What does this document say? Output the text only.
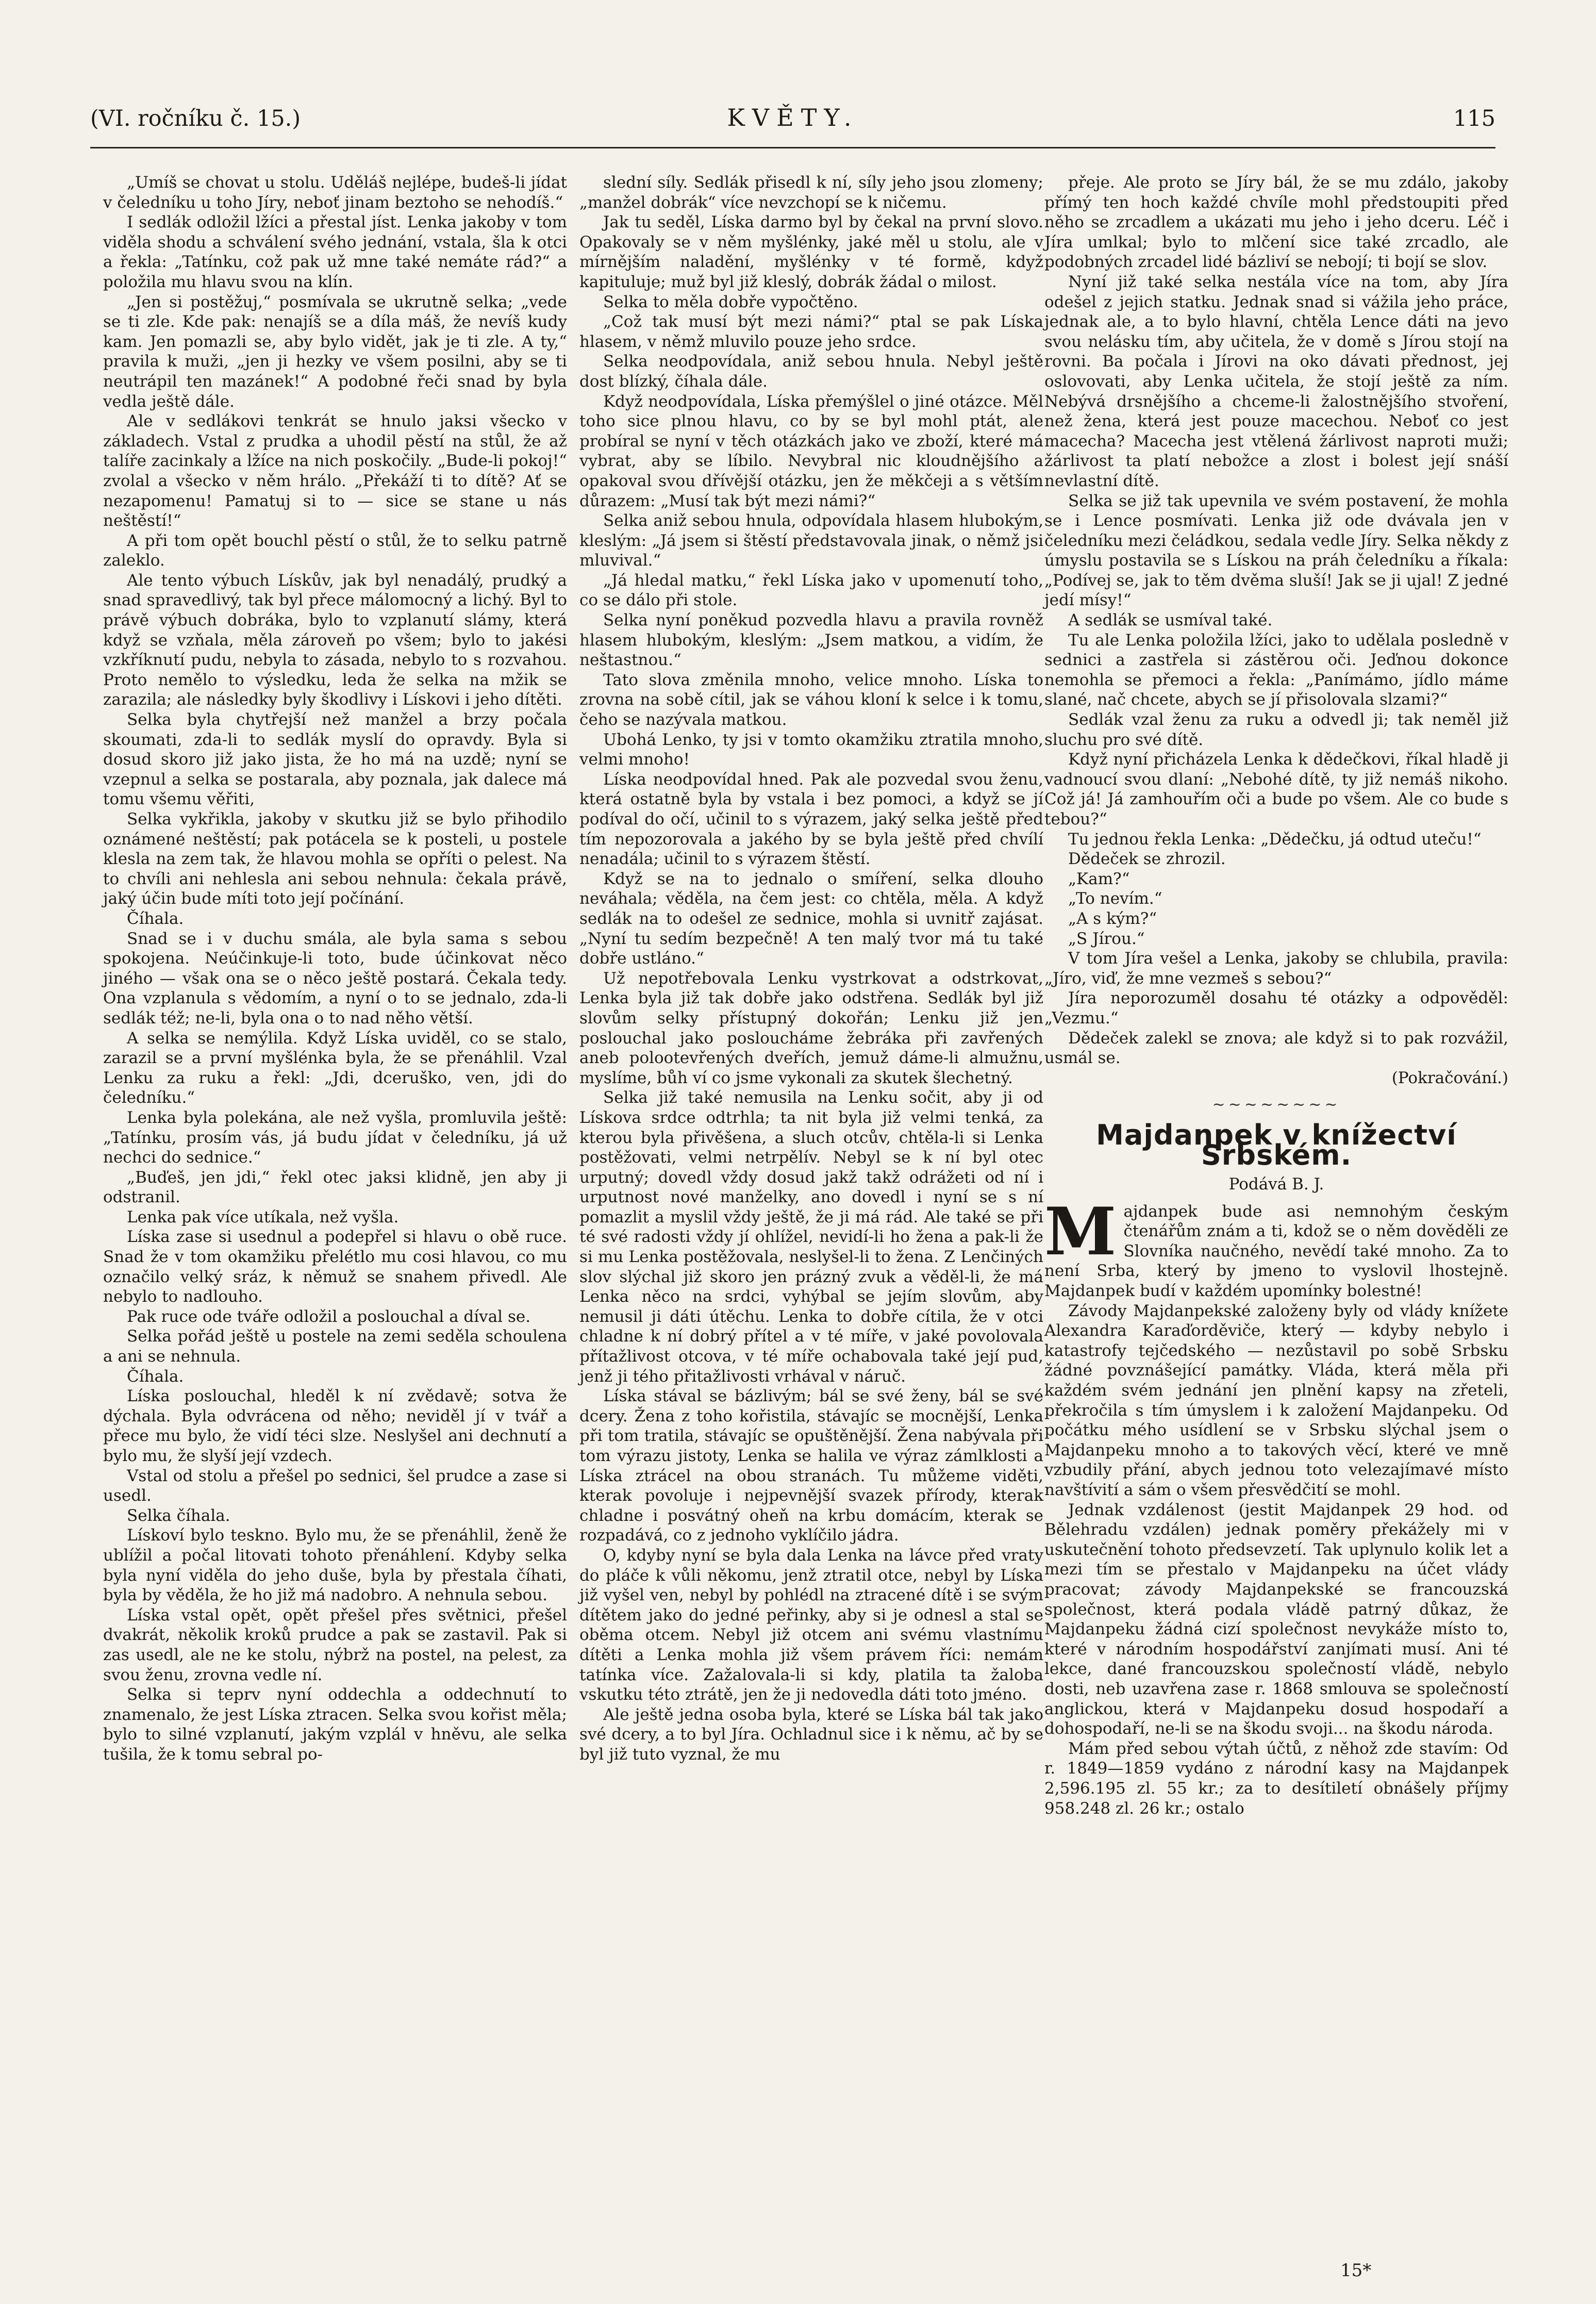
(VI. ročníku č. 15.)	KVĚTY.	115

„Umíš se chovat u stolu. Uděláš nejlépe, budeš-li jídat v čeledníku u toho Jíry, neboť jinam beztoho se nehodíš.“

I sedlák odložil lžíci a přestal jíst. Lenka jakoby v tom viděla shodu a schválení svého jednání, vstala, šla k otci a řekla: „Tatínku, což pak už mne také nemáte rád?“ a položila mu hlavu svou na klín.

„Jen si postěžuj,“ posmívala se ukrutně selka; „vede se ti zle. Kde pak: nenajíš se a díla máš, že nevíš kudy kam. Jen pomazli se, aby bylo vidět, jak je ti zle. A ty,“ pravila k muži, „jen ji hezky ve všem posilni, aby se ti neutrápil ten mazánek!“ A podobné řeči snad by byla vedla ještě dále.

Ale v sedlákovi tenkrát se hnulo jaksi všecko v základech. Vstal z prudka a uhodil pěstí na stůl, že až talíře zacinkaly a lžíce na nich poskočily. „Bude-li pokoj!“ zvolal a všecko v něm hrálo. „Překáží ti to dítě? Ať se nezapomenu! Pamatuj si to — sice se stane u nás neštěstí!“

A při tom opět bouchl pěstí o stůl, že to selku patrně zaleklo.

Ale tento výbuch Lískův, jak byl nenadálý, prudký a snad spravedlivý, tak byl přece málomocný a lichý. Byl to právě výbuch dobráka, bylo to vzplanutí slámy, která když se vzňala, měla zároveň po všem; bylo to jakési vzkříknutí pudu, nebyla to zásada, nebylo to s rozvahou. Proto nemělo to výsledku, leda že selka na mžik se zarazila; ale následky byly škodlivy i Lískovi i jeho dítěti.

Selka byla chytřejší než manžel a brzy počala skoumati, zda-li to sedlák myslí do opravdy. Byla si dosud skoro již jako jista, že ho má na uzdě; nyní se vzepnul a selka se postarala, aby poznala, jak dalece má tomu všemu věřiti,

Selka vykřikla, jakoby v skutku již se bylo přihodilo oznámené neštěstí; pak potácela se k posteli, u postele klesla na zem tak, že hlavou mohla se opříti o pelest. Na to chvíli ani nehlesla ani sebou nehnula: čekala právě, jaký účin bude míti toto její počínání.

Číhala.

Snad se i v duchu smála, ale byla sama s sebou spokojena. Neúčinkuje-li toto, bude účinkovat něco jiného — však ona se o něco ještě postará. Čekala tedy. Ona vzplanula s vědomím, a nyní o to se jednalo, zda-li sedlák též; ne-li, byla ona o to nad něho větší.

A selka se nemýlila. Když Líska uviděl, co se stalo, zarazil se a první myšlénka byla, že se přenáhlil. Vzal Lenku za ruku a řekl: „Jdi, dceruško, ven, jdi do čeledníku.“

Lenka byla polekána, ale než vyšla, promluvila ještě: „Tatínku, prosím vás, já budu jídat v čeledníku, já už nechci do sednice.“

„Buďeš, jen jdi,“ řekl otec jaksi klidně, jen aby ji odstranil.

Lenka pak více utíkala, než vyšla.

Líska zase si usednul a podepřel si hlavu o obě ruce. Snad že v tom okamžiku přelétlo mu cosi hlavou, co mu označilo velký sráz, k němuž se snahem přivedl. Ale nebylo to nadlouho.

Pak ruce ode tváře odložil a poslouchal a díval se.

Selka pořád ještě u postele na zemi seděla schoulena a ani se nehnula.

Číhala.

Líska poslouchal, hleděl k ní zvědavě; sotva že dýchala. Byla odvrácena od něho; neviděl jí v tvář a přece mu bylo, že vidí téci slze. Neslyšel ani dechnutí a bylo mu, že slyší její vzdech.

Vstal od stolu a přešel po sednici, šel prudce a zase si usedl.

Selka číhala.

Lískoví bylo teskno. Bylo mu, že se přenáhlil, ženě že ublížil a počal litovati tohoto přenáhlení. Kdyby selka byla nyní viděla do jeho duše, byla by přestala číhati, byla by věděla, že ho již má nadobro. A nehnula sebou.

Líska vstal opět, opět přešel přes světnici, přešel dvakrát, několik kroků prudce a pak se zastavil. Pak si zas usedl, ale ne ke stolu, nýbrž na postel, na pelest, za svou ženu, zrovna vedle ní.

Selka si teprv nyní oddechla a oddechnutí to znamenalo, že jest Líska ztracen. Selka svou kořist měla; bylo to silné vzplanutí, jakým vzplál v hněvu, ale selka tušila, že k tomu sebral po-

slední síly. Sedlák přisedl k ní, síly jeho jsou zlomeny; „manžel dobrák“ více nevzchopí se k ničemu.

Jak tu seděl, Líska darmo byl by čekal na první slovo. Opakovaly se v něm myšlénky, jaké měl u stolu, ale v mírnějším naladění, myšlénky v té formě, když kapituluje; muž byl již kleslý, dobrák žádal o milost.

Selka to měla dobře vypočtěno.

„Což tak musí být mezi námi?“ ptal se pak Líska hlasem, v němž mluvilo pouze jeho srdce.

Selka neodpovídala, aniž sebou hnula. Nebyl ještě dost blízký, číhala dále.

Když neodpovídala, Líska přemýšlel o jiné otázce. Měl toho sice plnou hlavu, co by se byl mohl ptát, ale probíral se nyní v těch otázkách jako ve zboží, které má vybrat, aby se líbilo. Nevybral nic kloudnějšího a opakoval svou dřívější otázku, jen že měkčeji a s větším důrazem: „Musí tak být mezi námi?“

Selka aniž sebou hnula, odpovídala hlasem hlubokým, kleslým: „Já jsem si štěstí představovala jinak, o němž jsi mluvival.“

„Já hledal matku,“ řekl Líska jako v upomenutí toho, co se dálo při stole.

Selka nyní poněkud pozvedla hlavu a pravila rovněž hlasem hlubokým, kleslým: „Jsem matkou, a vidím, že neštastnou.“

Tato slova změnila mnoho, velice mnoho. Líska to zrovna na sobě cítil, jak se váhou kloní k selce i k tomu, čeho se nazývala matkou.

Ubohá Lenko, ty jsi v tomto okamžiku ztratila mnoho, velmi mnoho!

Líska neodpovídal hned. Pak ale pozvedal svou ženu, která ostatně byla by vstala i bez pomoci, a když se jí podíval do očí, učinil to s výrazem, jaký selka ještě před tím nepozorovala a jakého by se byla ještě před chvílí nenadála; učinil to s výrazem štěstí.

Když se na to jednalo o smíření, selka dlouho neváhala; věděla, na čem jest: co chtěla, měla. A když sedlák na to odešel ze sednice, mohla si uvnitř zajásat. „Nyní tu sedím bezpečně! A ten malý tvor má tu také dobře ustláno.“

Už nepotřebovala Lenku vystrkovat a odstrkovat, Lenka byla již tak dobře jako odstřena. Sedlák byl již slovům selky přístupný dokořán; Lenku již jen poslouchal jako posloucháme žebráka při zavřených aneb polootevřených dveřích, jemuž dáme-li almužnu, myslíme, bůh ví co jsme vykonali za skutek šlechetný.

Selka již také nemusila na Lenku sočit, aby ji od Lískova srdce odtrhla; ta nit byla již velmi tenká, za kterou byla přivěšena, a sluch otcův, chtěla-li si Lenka postěžovati, velmi netrpělív. Nebyl se k ní byl otec urputný; dovedl vždy dosud jakž takž odrážeti od ní i urputnost nové manželky, ano dovedl i nyní se s ní pomazlit a myslil vždy ještě, že ji má rád. Ale také se při té své radosti vždy jí ohlížel, nevidí-li ho žena a pak-li že si mu Lenka postěžovala, neslyšel-li to žena. Z Lenčiných slov slýchal již skoro jen prázný zvuk a věděl-li, že má Lenka něco na srdci, vyhýbal se jejím slovům, aby nemusil ji dáti útěchu. Lenka to dobře cítila, že v otci chladne k ní dobrý přítel a v té míře, v jaké povolovala přítažlivost otcova, v té míře ochabovala také její pud, jenž ji tého přitažlivosti vrhával v náruč.

Líska stával se bázlivým; bál se své ženy, bál se své dcery. Žena z toho kořistila, stávajíc se mocnější, Lenka při tom tratila, stávajíc se opuštěnější. Žena nabývala při tom výrazu jistoty, Lenka se halila ve výraz zámlklosti a Líska ztrácel na obou stranách. Tu můžeme viděti, kterak povoluje i nejpevnější svazek přírody, kterak chladne i posvátný oheň na krbu domácím, kterak se rozpadává, co z jednoho vyklíčilo jádra.

O, kdyby nyní se byla dala Lenka na lávce před vraty do pláče k vůli někomu, jenž ztratil otce, nebyl by Líska již vyšel ven, nebyl by pohlédl na ztracené dítě i se svým dítětem jako do jedné peřinky, aby si je odnesl a stal se oběma otcem. Nebyl již otcem ani svému vlastnímu dítěti a Lenka mohla již všem právem říci: nemám tatínka více. Zažalovala-li si kdy, platila ta žaloba vskutku této ztrátě, jen že ji nedovedla dáti toto jméno.

Ale ještě jedna osoba byla, které se Líska bál tak jako své dcery, a to byl Jíra. Ochladnul sice i k němu, ač by se byl již tuto vyznal, že mu

přeje. Ale proto se Jíry bál, že se mu zdálo, jakoby přímý ten hoch každé chvíle mohl předstoupiti před něho se zrcadlem a ukázati mu jeho i jeho dceru. Léč i Jíra umlkal; bylo to mlčení sice také zrcadlo, ale podobných zrcadel lidé bázliví se nebojí; ti bojí se slov.

Nyní již také selka nestála více na tom, aby Jíra odešel z jejich statku. Jednak snad si vážila jeho práce, jednak ale, a to bylo hlavní, chtěla Lence dáti na jevo svou nelásku tím, aby učitela, že v domě s Jírou stojí na rovni. Ba počala i Jírovi na oko dávati přednost, jej oslovovati, aby Lenka učitela, že stojí ještě za ním. Nebývá drsnějšího a chceme-li žalostnějšího stvoření, než žena, která jest pouze macechou. Neboť co jest macecha? Macecha jest vtělená žárlivost naproti muži; žárlivost ta platí nebožce a zlost i bolest její snáší nevlastní dítě.

Selka se již tak upevnila ve svém postavení, že mohla se i Lence posmívati. Lenka již ode dvávala jen v čeledníku mezi čeládkou, sedala vedle Jíry. Selka někdy z úmyslu postavila se s Lískou na práh čeledníku a říkala: „Podívej se, jak to těm dvěma sluší! Jak se ji ujal! Z jedné jedí mísy!“

A sedlák se usmíval také.

Tu ale Lenka položila lžíci, jako to udělala posledně v sednici a zastřela si zástěrou oči. Jeďnou dokonce nemohla se přemoci a řekla: „Panímámo, jídlo máme slané, nač chcete, abych se jí přisolovala slzami?“

Sedlák vzal ženu za ruku a odvedl ji; tak neměl již sluchu pro své dítě.

Když nyní přicházela Lenka k dědečkovi, říkal hladě ji vadnoucí svou dlaní: „Nebohé dítě, ty již nemáš nikoho. Což já! Já zamhouřím oči a bude po všem. Ale co bude s tebou?“

Tu jednou řekla Lenka: „Dědečku, já odtud uteču!“

Dědeček se zhrozil.

„Kam?“

„To nevím.“

„A s kým?“

„S Jírou.“

V tom Jíra vešel a Lenka, jakoby se chlubila, pravila: „Jíro, viď, že mne vezmeš s sebou?“

Jíra neporozuměl dosahu té otázky a odpověděl: „Vezmu.“

Dědeček zalekl se znova; ale když si to pak rozvážil, usmál se.

(Pokračování.)

~~~~~~~~
Majdanpek v knížectví Srbském.
Podává B. J.

Majdanpek bude asi nemnohým českým čtenářům znám a ti, kdož se o něm dověděli ze Slovníka naučného, nevědí také mnoho. Za to není Srba, který by jmeno to vyslovil lhostejně. Majdanpek budí v každém upomínky bolestné!

Závody Majdanpekské založeny byly od vlády knížete Alexandra Karaďorděviče, který — kdyby nebylo i katastrofy tejčedského — nezůstavil po sobě Srbsku žádné povznášející památky. Vláda, která měla při každém svém jednání jen plnění kapsy na zřeteli, překročila s tím úmyslem i k založení Majdanpeku. Od počátku mého usídlení se v Srbsku slýchal jsem o Majdanpeku mnoho a to takových věcí, které ve mně vzbudily přání, abych jednou toto velezajímavé místo navštívití a sám o všem přesvědčití se mohl.

Jednak vzdálenost (jestit Majdanpek 29 hod. od Bělehradu vzdálen) jednak poměry překážely mi v uskutečnění tohoto předsevzetí. Tak uplynulo kolik let a mezi tím se přestalo v Majdanpeku na účet vlády pracovat; závody Majdanpekské se francouzská společnost, která podala vládě patrný důkaz, že Majdanpeku žádná cizí společnost nevykáže místo to, které v národním hospodářství zanjímati musí. Ani té lekce, dané francouzskou společností vládě, nebylo dosti, neb uzavřena zase r. 1868 smlouva se společností anglickou, která v Majdanpeku dosud hospodaří a dohospodaří, ne-li se na škodu svoji... na škodu národa.

Mám před sebou výtah účtů, z něhož zde stavím: Od r. 1849—1859 vydáno z národní kasy na Majdanpek 2,596.195 zl. 55 kr.; za to desítiletí obnášely příjmy 958.248 zl. 26 kr.; ostalo

15*
